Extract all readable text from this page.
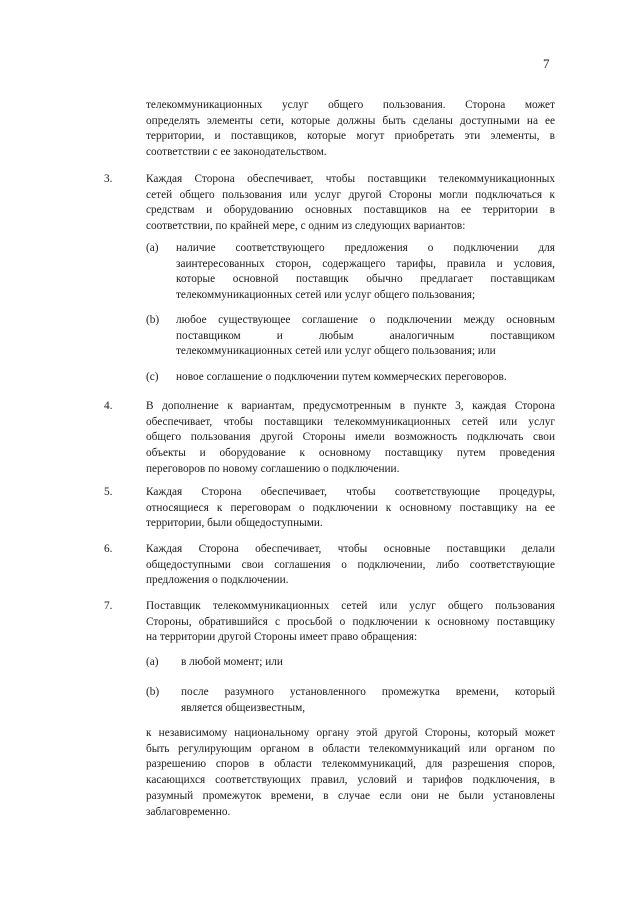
7
телекоммуникационных услуг общего пользования. Сторона может
определять элементы сети, которые должны быть сделаны доступными на ее
территории, и поставщиков, которые могут приобретать эти элементы, в
соответствии с ее законодательством.
3.	Каждая Сторона обеспечивает, чтобы поставщики телекоммуникационных
сетей общего пользования или услуг другой Стороны могли подключаться к
средствам и оборудованию основных поставщиков на ее территории в
соответствии, по крайней мере, с одним из следующих вариантов:
(a) наличие соответствующего предложения о подключении для
заинтересованных сторон, содержащего тарифы, правила и условия,
которые основной поставщик обычно предлагает поставщикам
телекоммуникационных сетей или услуг общего пользования;
(b) любое существующее соглашение о подключении между основным
поставщиком и любым аналогичным поставщиком
телекоммуникационных сетей или услуг общего пользования; или
(c) новое соглашение о подключении путем коммерческих переговоров.
4.	В дополнение к вариантам, предусмотренным в пункте 3, каждая Сторона
обеспечивает, чтобы поставщики телекоммуникационных сетей или услуг
общего пользования другой Стороны имели возможность подключать свои
объекты и оборудование к основному поставщику путем проведения
переговоров по новому соглашению о подключении.
5.	Каждая Сторона обеспечивает, чтобы соответствующие процедуры,
относящиеся к переговорам о подключении к основному поставщику на ее
территории, были общедоступными.
6.	Каждая Сторона обеспечивает, чтобы основные поставщики делали
общедоступными свои соглашения о подключении, либо соответствующие
предложения о подключении.
7.	Поставщик телекоммуникационных сетей или услуг общего пользования
Стороны, обратившийся с просьбой о подключении к основному поставщику
на территории другой Стороны имеет право обращения:
(a) в любой момент; или
(b) после разумного установленного промежутка времени, который
является общеизвестным,
к независимому национальному органу этой другой Стороны, который может
быть регулирующим органом в области телекоммуникаций или органом по
разрешению споров в области телекоммуникаций, для разрешения споров,
касающихся соответствующих правил, условий и тарифов подключения, в
разумный промежуток времени, в случае если они не были установлены
заблаговременно.
